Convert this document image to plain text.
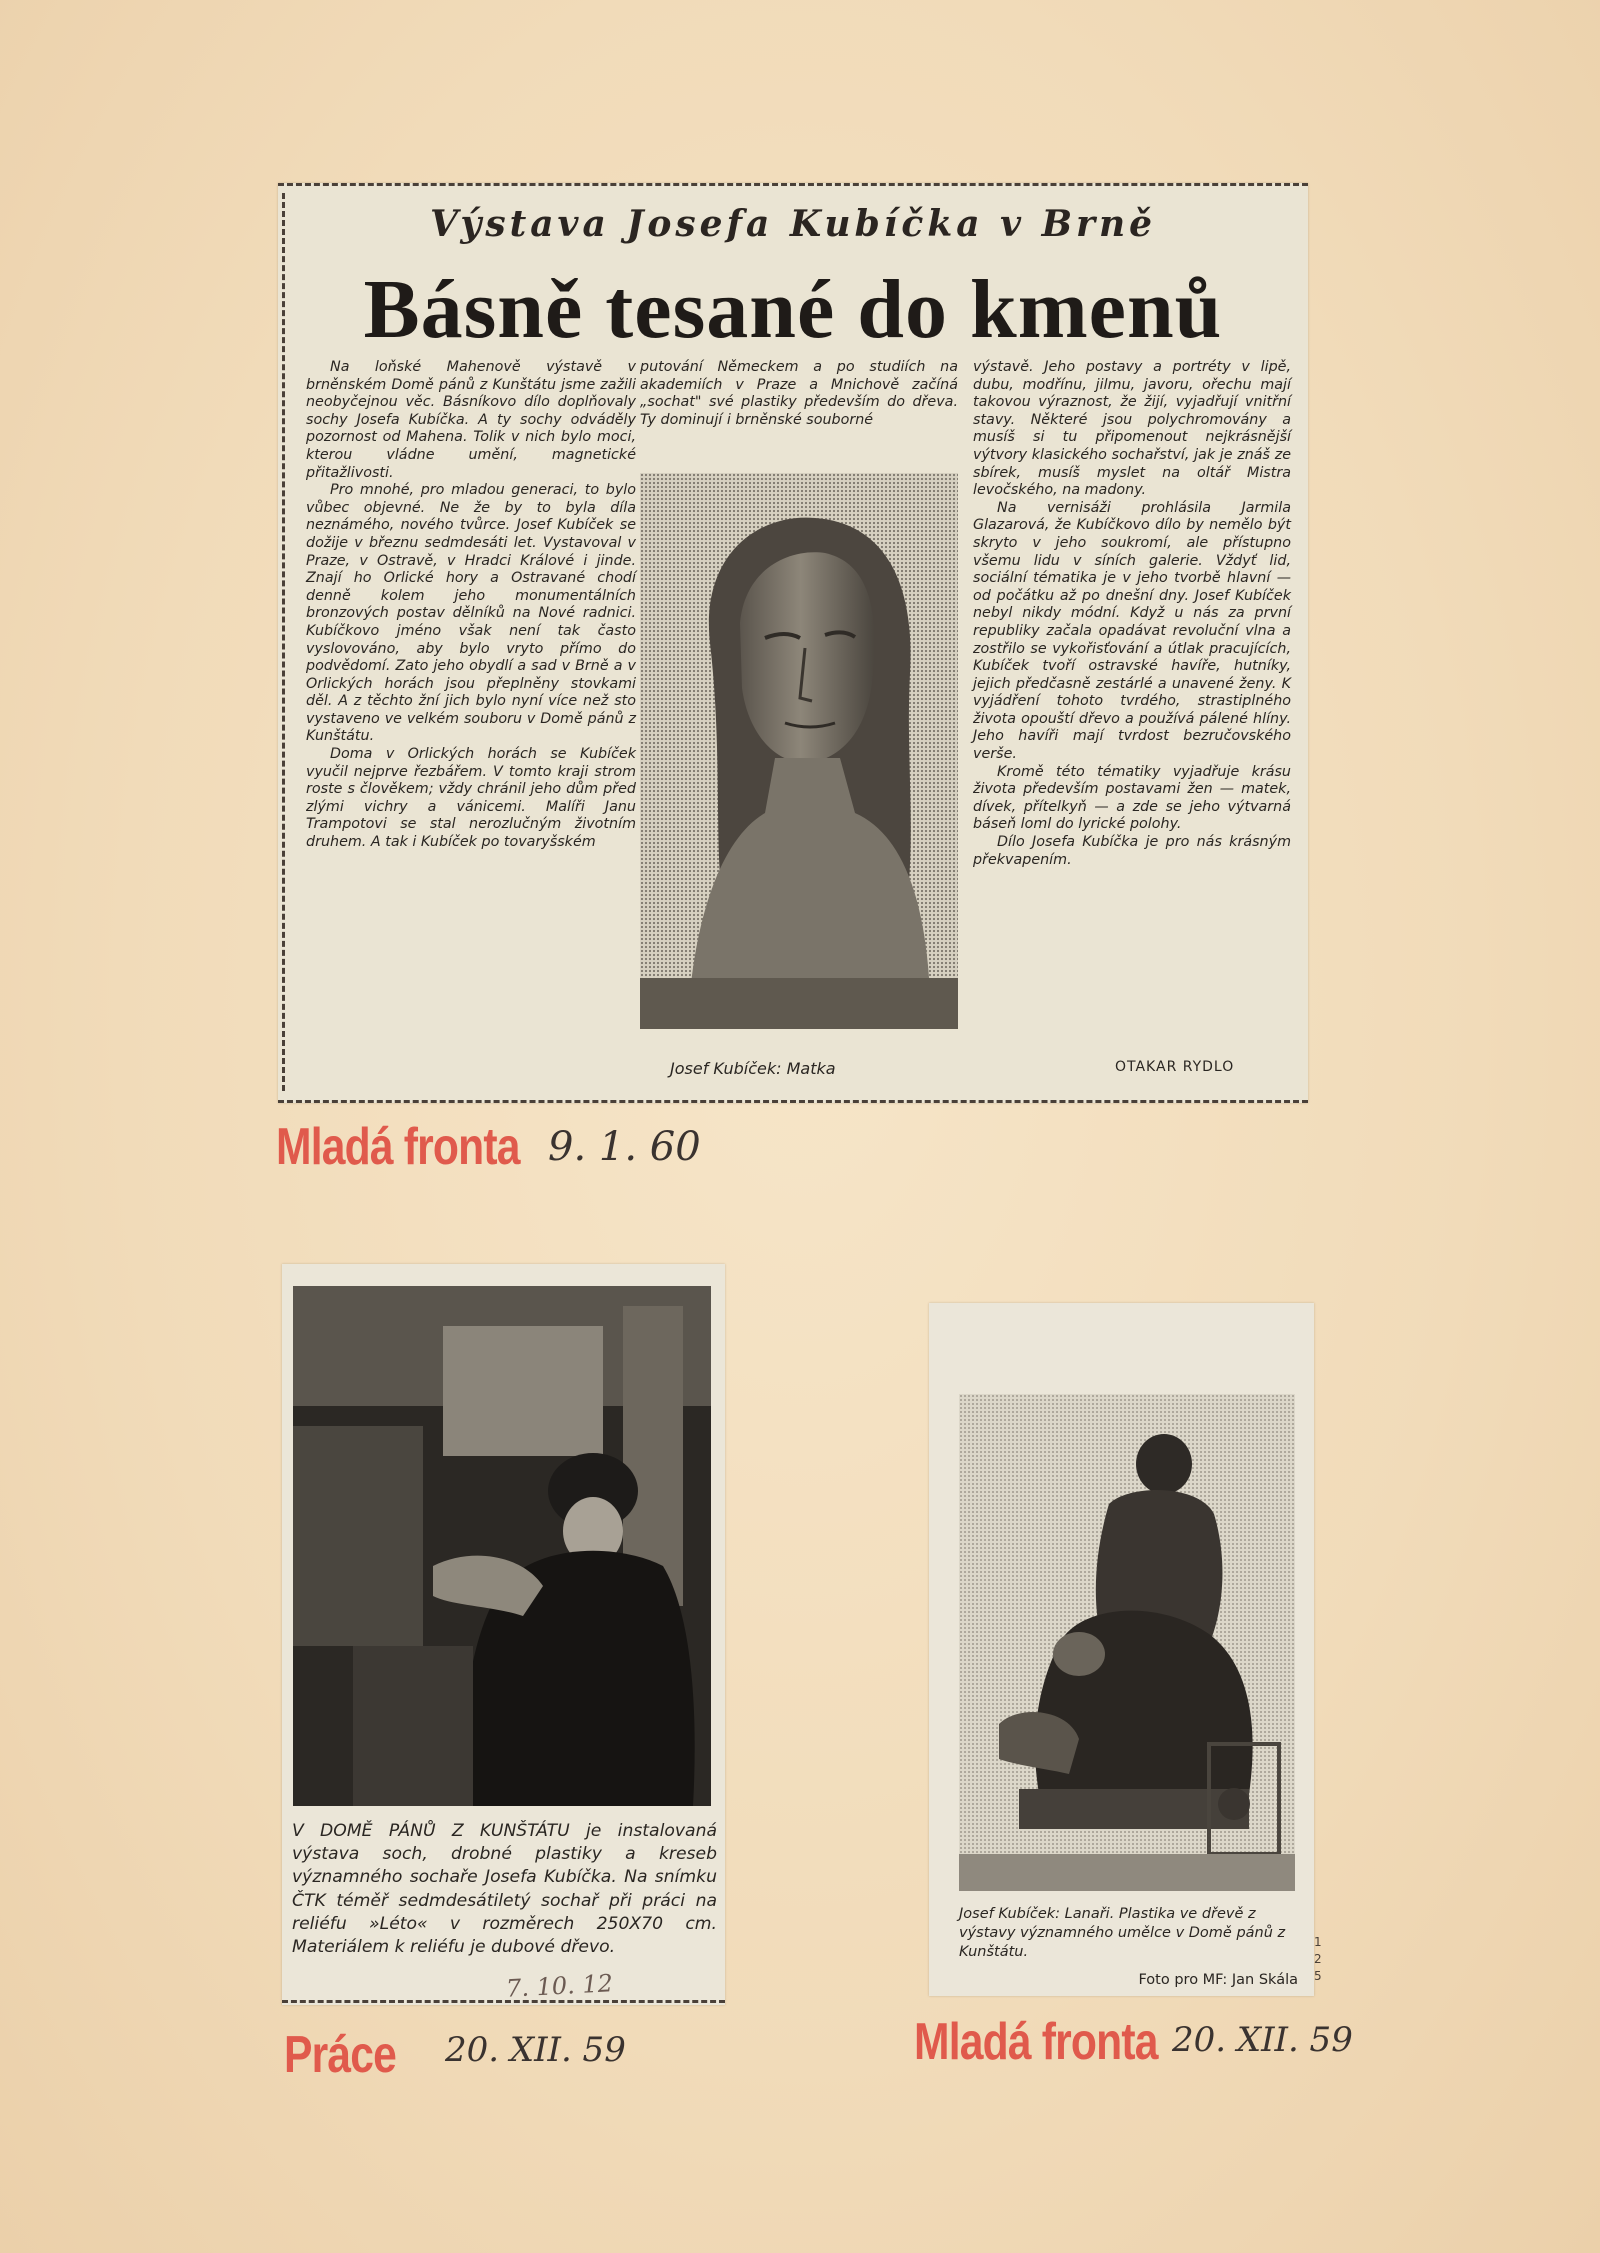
Výstava Josefa Kubíčka v Brně
Básně tesané do kmenů

Na loňské Mahenově výstavě v brněnském Domě pánů z Kunštátu jsme zažili neobyčejnou věc. Básníkovo dílo doplňovaly sochy Josefa Kubíčka. A ty sochy odváděly pozornost od Mahena. Tolik v nich bylo moci, kterou vládne umění, magnetické přitažlivosti.

Pro mnohé, pro mladou generaci, to bylo vůbec objevné. Ne že by to byla díla neznámého, nového tvůrce. Josef Kubíček se dožije v březnu sedmdesáti let. Vystavoval v Praze, v Ostravě, v Hradci Králové i jinde. Znají ho Orlické hory a Ostravané chodí denně kolem jeho monumentálních bronzových postav dělníků na Nové radnici. Kubíčkovo jméno však není tak často vyslovováno, aby bylo vryto přímo do podvědomí. Zato jeho obydlí a sad v Brně a v Orlických horách jsou přeplněny stovkami děl. A z těchto žní jich bylo nyní více než sto vystaveno ve velkém souboru v Domě pánů z Kunštátu.

Doma v Orlických horách se Kubíček vyučil nejprve řezbářem. V tomto kraji strom roste s člověkem; vždy chránil jeho dům před zlými vichry a vánicemi. Malíři Janu Trampotovi se stal nerozlučným životním druhem. A tak i Kubíček po tovaryšském

putování Německem a po studiích na akademiích v Praze a Mnichově začíná „sochat" své plastiky především do dřeva. Ty dominují i brněnské souborné

výstavě. Jeho postavy a portréty v lipě, dubu, modřínu, jilmu, javoru, ořechu mají takovou výraznost, že žijí, vyjadřují vnitřní stavy. Některé jsou polychromovány a musíš si tu připomenout nejkrásnější výtvory klasického sochařství, jak je znáš ze sbírek, musíš myslet na oltář Mistra levočského, na madony.

Na vernisáži prohlásila Jarmila Glazarová, že Kubíčkovo dílo by nemělo být skryto v jeho soukromí, ale přístupno všemu lidu v síních galerie. Vždyť lid, sociální tématika je v jeho tvorbě hlavní — od počátku až po dnešní dny. Josef Kubíček nebyl nikdy módní. Když u nás za první republiky začala opadávat revoluční vlna a zostřilo se vykořisťování a útlak pracujících, Kubíček tvoří ostravské havíře, hutníky, jejich předčasně zestárlé a unavené ženy. K vyjádření tohoto tvrdého, strastiplného života opouští dřevo a používá pálené hlíny. Jeho havíři mají tvrdost bezručovského verše.

Kromě této tématiky vyjadřuje krásu života především postavami žen — matek, dívek, přítelkyň — a zde se jeho výtvarná báseň loml do lyrické polohy.

Dílo Josefa Kubíčka je pro nás krásným překvapením.

Josef Kubíček: Matka	OTAKAR RYDLO
Mladá fronta 9. 1. 60
V DOMĚ PÁNŮ Z KUNŠTÁTU je instalovaná výstava soch, drobné plastiky a kreseb významného sochaře Josefa Kubíčka. Na snímku ČTK téměř sedmdesátiletý sochař při práci na reliéfu »Léto« v rozměrech 250X70 cm. Materiálem k reliéfu je dubové dřevo.
7. 10. 12
Práce 20. XII. 59
Josef Kubíček: Lanaři. Plastika ve dřevě z výstavy významného umělce v Domě pánů z Kunštátu.
Foto pro MF: Jan Skála
Mladá fronta 20. XII. 59
1
2
5
